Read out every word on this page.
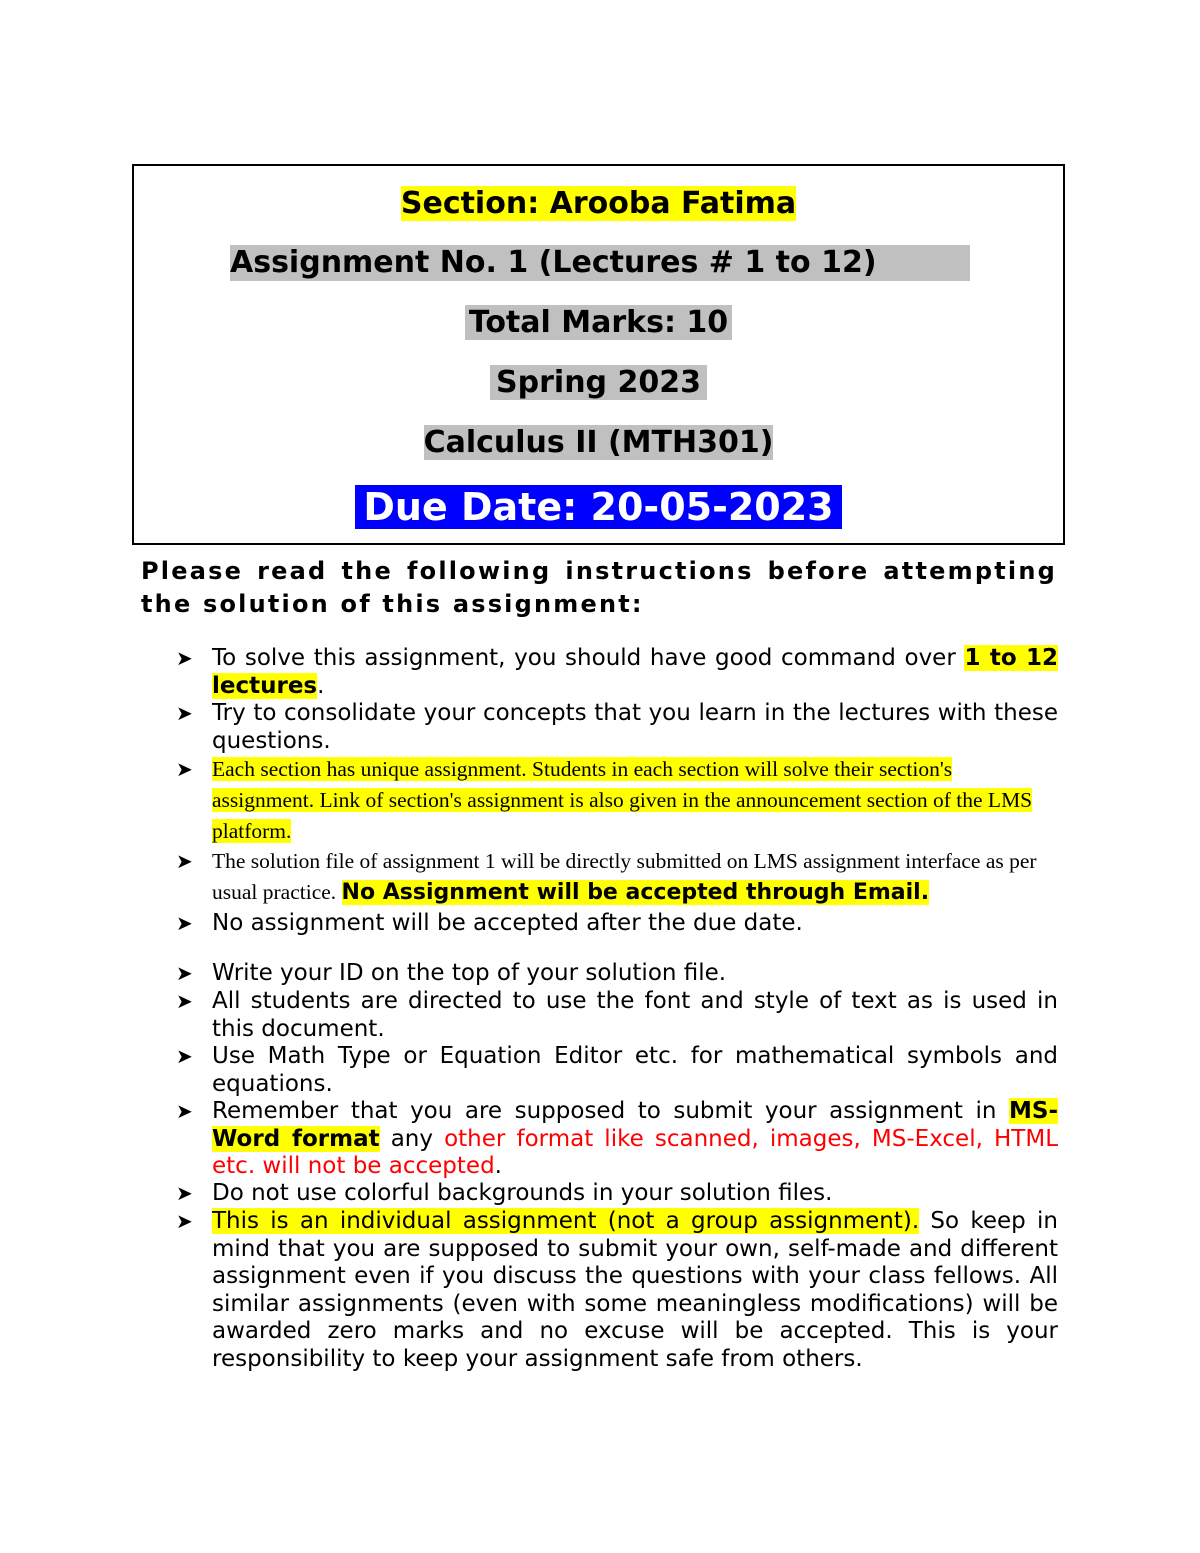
Section: Arooba Fatima
Assignment No. 1 (Lectures # 1 to 12)
Total Marks: 10
Spring 2023
Calculus II (MTH301)
Due Date: 20-05-2023
Please read the following instructions before attempting the solution of this assignment:
➤ To solve this assignment, you should have good command over 1 to 12 lectures.
➤ Try to consolidate your concepts that you learn in the lectures with these questions.
➤ Each section has unique assignment. Students in each section will solve their section's assignment. Link of section's assignment is also given in the announcement section of the LMS platform.
➤ The solution file of assignment 1 will be directly submitted on LMS assignment interface as per usual practice. No Assignment will be accepted through Email.
➤ No assignment will be accepted after the due date.
➤ Write your ID on the top of your solution file.
➤ All students are directed to use the font and style of text as is used in this document.
➤ Use Math Type or Equation Editor etc. for mathematical symbols and equations.
➤ Remember that you are supposed to submit your assignment in MS-Word format any other format like scanned, images, MS-Excel, HTML etc. will not be accepted.
➤ Do not use colorful backgrounds in your solution files.
➤ This is an individual assignment (not a group assignment). So keep in mind that you are supposed to submit your own, self-made and different assignment even if you discuss the questions with your class fellows. All similar assignments (even with some meaningless modifications) will be awarded zero marks and no excuse will be accepted. This is your responsibility to keep your assignment safe from others.
